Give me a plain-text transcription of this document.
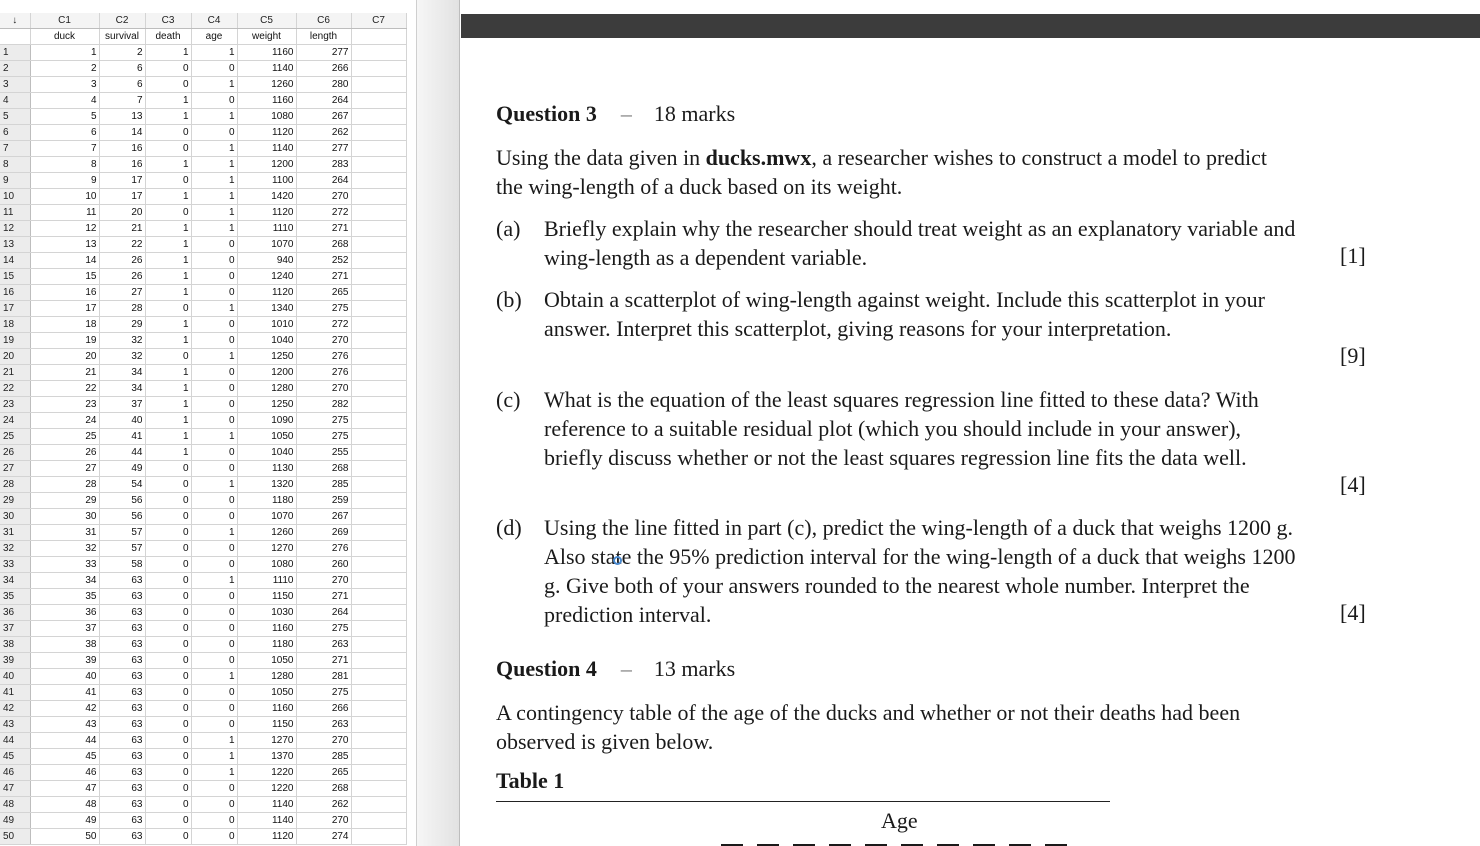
↓	C1	C2	C3	C4	C5	C6	C7

	duck	survival	death	age	weight	length	
1	1	2	1	1	1160	277	
2	2	6	0	0	1140	266	
3	3	6	0	1	1260	280	
4	4	7	1	0	1160	264	
5	5	13	1	1	1080	267	
6	6	14	0	0	1120	262	
7	7	16	0	1	1140	277	
8	8	16	1	1	1200	283	
9	9	17	0	1	1100	264	
10	10	17	1	1	1420	270	
11	11	20	0	1	1120	272	
12	12	21	1	1	1110	271	
13	13	22	1	0	1070	268	
14	14	26	1	0	940	252	
15	15	26	1	0	1240	271	
16	16	27	1	0	1120	265	
17	17	28	0	1	1340	275	
18	18	29	1	0	1010	272	
19	19	32	1	0	1040	270	
20	20	32	0	1	1250	276	
21	21	34	1	0	1200	276	
22	22	34	1	0	1280	270	
23	23	37	1	0	1250	282	
24	24	40	1	0	1090	275	
25	25	41	1	1	1050	275	
26	26	44	1	0	1040	255	
27	27	49	0	0	1130	268	
28	28	54	0	1	1320	285	
29	29	56	0	0	1180	259	
30	30	56	0	0	1070	267	
31	31	57	0	1	1260	269	
32	32	57	0	0	1270	276	
33	33	58	0	0	1080	260	
34	34	63	0	1	1110	270	
35	35	63	0	0	1150	271	
36	36	63	0	0	1030	264	
37	37	63	0	0	1160	275	
38	38	63	0	0	1180	263	
39	39	63	0	0	1050	271	
40	40	63	0	1	1280	281	
41	41	63	0	0	1050	275	
42	42	63	0	0	1160	266	
43	43	63	0	0	1150	263	
44	44	63	0	1	1270	270	
45	45	63	0	1	1370	285	
46	46	63	0	1	1220	265	
47	47	63	0	0	1220	268	
48	48	63	0	0	1140	262	
49	49	63	0	0	1140	270	
50	50	63	0	0	1120	274	
Question 3 – 18 marks
Using the data given in ducks.mwx, a researcher wishes to construct a model to predict the wing-length of a duck based on its weight.
(a)	Briefly explain why the researcher should treat weight as an explanatory variable and wing-length as a dependent variable.	[1]
(b)	Obtain a scatterplot of wing-length against weight. Include this scatterplot in your answer. Interpret this scatterplot, giving reasons for your interpretation.
[9]
(c)	What is the equation of the least squares regression line fitted to these data? With reference to a suitable residual plot (which you should include in your answer), briefly discuss whether or not the least squares regression line fits the data well.
[4]
(d)	Using the line fitted in part (c), predict the wing-length of a duck that weighs 1200 g. Also state the 95% prediction interval for the wing-length of a duck that weighs 1200 g. Give both of your answers rounded to the nearest whole number. Interpret the prediction interval.	[4]
Question 4 – 13 marks
A contingency table of the age of the ducks and whether or not their deaths had been observed is given below.
Table 1
Age
